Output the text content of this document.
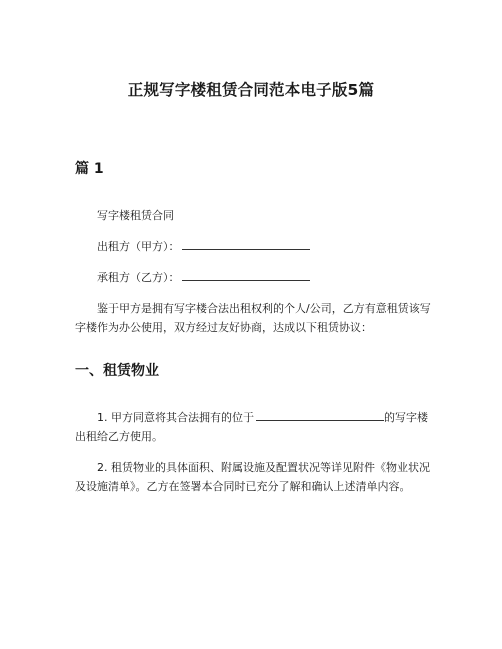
正规写字楼租赁合同范本电子版5篇
篇 1
写字楼租赁合同
出租方（甲方）：
承租方（乙方）：
鉴于甲方是拥有写字楼合法出租权利的个人/公司，乙方有意租赁该写字楼作为办公使用，双方经过友好协商，达成以下租赁协议：
一、租赁物业
1. 甲方同意将其合法拥有的位于	的写字楼出租给乙方使用。
2. 租赁物业的具体面积、附属设施及配置状况等详见附件《物业状况及设施清单》。乙方在签署本合同时已充分了解和确认上述清单内容。
